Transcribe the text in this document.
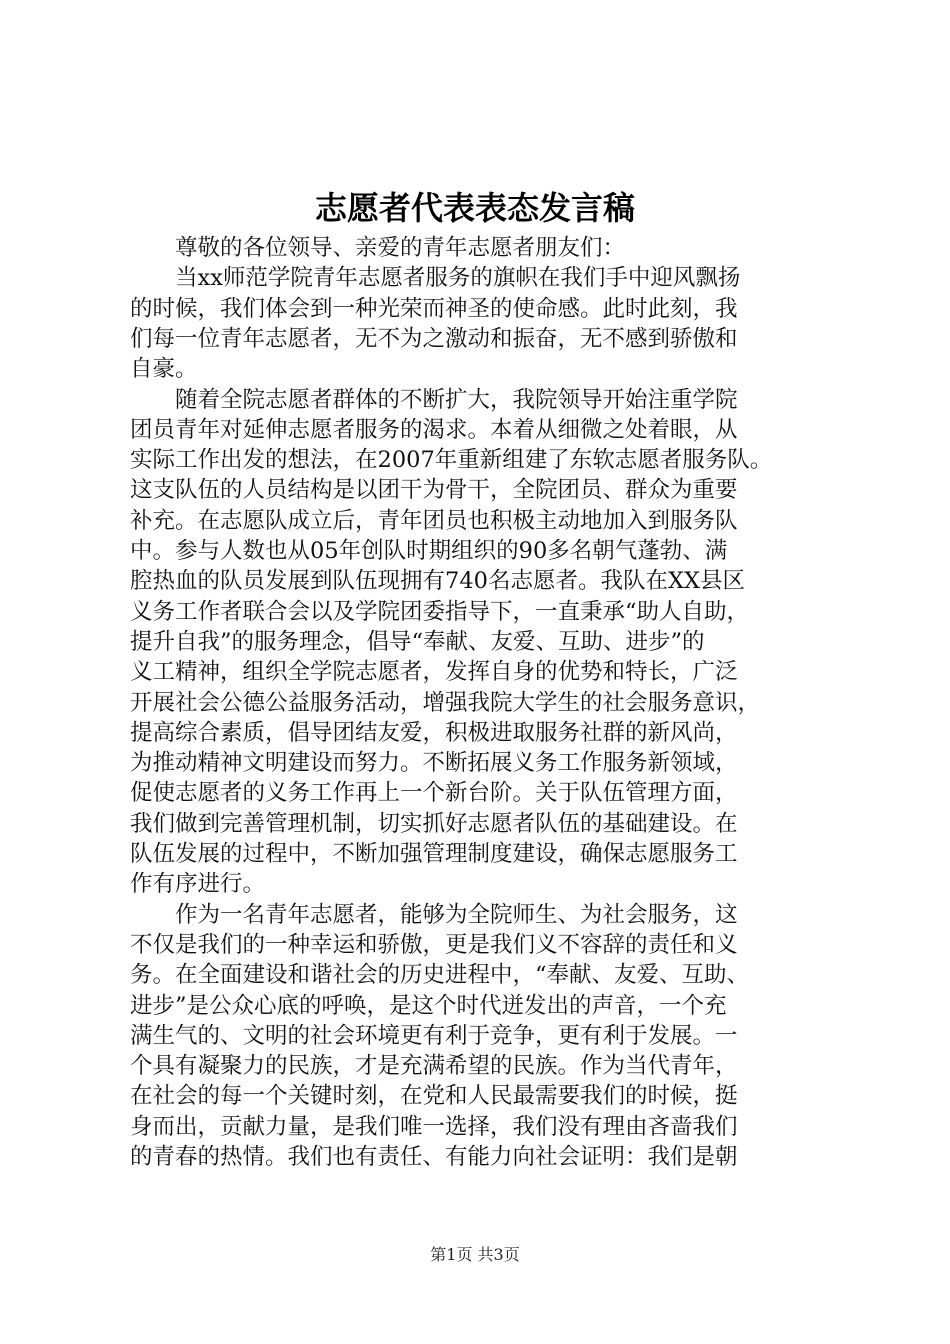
志愿者代表表态发言稿
　　尊敬的各位领导、亲爱的青年志愿者朋友们：
　　当xx师范学院青年志愿者服务的旗帜在我们手中迎风飘扬
的时候，我们体会到一种光荣而神圣的使命感。此时此刻，我
们每一位青年志愿者，无不为之激动和振奋，无不感到骄傲和
自豪。
　　随着全院志愿者群体的不断扩大，我院领导开始注重学院
团员青年对延伸志愿者服务的渴求。本着从细微之处着眼，从
实际工作出发的想法，在2007年重新组建了东软志愿者服务队。
这支队伍的人员结构是以团干为骨干，全院团员、群众为重要
补充。在志愿队成立后，青年团员也积极主动地加入到服务队
中。参与人数也从05年创队时期组织的90多名朝气蓬勃、满
腔热血的队员发展到队伍现拥有740名志愿者。我队在XX县区
义务工作者联合会以及学院团委指导下，一直秉承“助人自助，
提升自我”的服务理念，倡导“奉献、友爱、互助、进步”的
义工精神，组织全学院志愿者，发挥自身的优势和特长，广泛
开展社会公德公益服务活动，增强我院大学生的社会服务意识，
提高综合素质，倡导团结友爱，积极进取服务社群的新风尚，
为推动精神文明建设而努力。不断拓展义务工作服务新领域，
促使志愿者的义务工作再上一个新台阶。关于队伍管理方面，
我们做到完善管理机制，切实抓好志愿者队伍的基础建设。在
队伍发展的过程中，不断加强管理制度建设，确保志愿服务工
作有序进行。
　　作为一名青年志愿者，能够为全院师生、为社会服务，这
不仅是我们的一种幸运和骄傲，更是我们义不容辞的责任和义
务。在全面建设和谐社会的历史进程中，“奉献、友爱、互助、
进步”是公众心底的呼唤，是这个时代迸发出的声音，一个充
满生气的、文明的社会环境更有利于竞争，更有利于发展。一
个具有凝聚力的民族，才是充满希望的民族。作为当代青年，
在社会的每一个关键时刻，在党和人民最需要我们的时候，挺
身而出，贡献力量，是我们唯一选择，我们没有理由吝啬我们
的青春的热情。我们也有责任、有能力向社会证明：我们是朝
第1页 共3页
